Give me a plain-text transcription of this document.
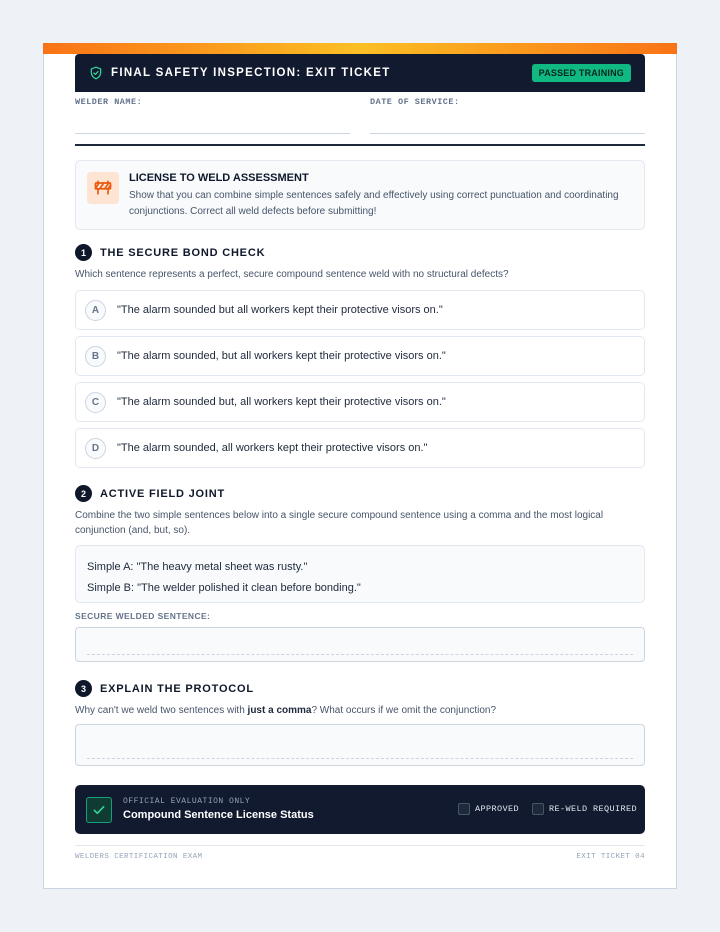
FINAL SAFETY INSPECTION: EXIT TICKET	PASSED TRAINING
WELDER NAME:	DATE OF SERVICE:
LICENSE TO WELD ASSESSMENT
Show that you can combine simple sentences safely and effectively using correct punctuation and coordinating conjunctions. Correct all weld defects before submitting!
1	THE SECURE BOND CHECK
Which sentence represents a perfect, secure compound sentence weld with no structural defects?
A	"The alarm sounded but all workers kept their protective visors on."
B	"The alarm sounded, but all workers kept their protective visors on."
C	"The alarm sounded but, all workers kept their protective visors on."
D	"The alarm sounded, all workers kept their protective visors on."
2	ACTIVE FIELD JOINT
Combine the two simple sentences below into a single secure compound sentence using a comma and the most logical conjunction (and, but, so).
Simple A: "The heavy metal sheet was rusty."
Simple B: "The welder polished it clean before bonding."
SECURE WELDED SENTENCE:
3	EXPLAIN THE PROTOCOL
Why can't we weld two sentences with just a comma? What occurs if we omit the conjunction?
OFFICIAL EVALUATION ONLY
Compound Sentence License Status	APPROVED	RE-WELD REQUIRED
WELDERS CERTIFICATION EXAM	EXIT TICKET 04
